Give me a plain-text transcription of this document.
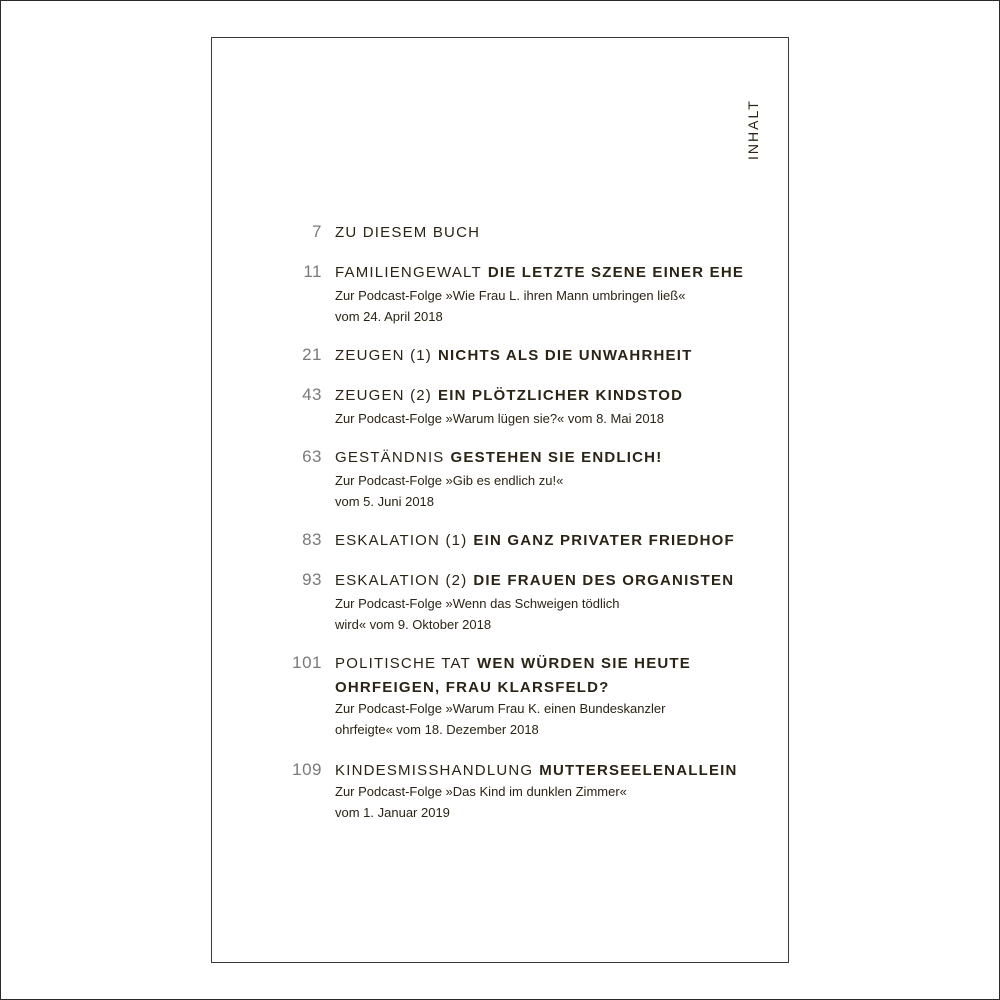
INHALT
7 ZU DIESEM BUCH
11 FAMILIENGEWALT DIE LETZTE SZENE EINER EHE
Zur Podcast-Folge »Wie Frau L. ihren Mann umbringen ließ«
vom 24. April 2018
21 ZEUGEN (1) NICHTS ALS DIE UNWAHRHEIT
43 ZEUGEN (2) EIN PLÖTZLICHER KINDSTOD
Zur Podcast-Folge »Warum lügen sie?« vom 8. Mai 2018
63 GESTÄNDNIS GESTEHEN SIE ENDLICH!
Zur Podcast-Folge »Gib es endlich zu!«
vom 5. Juni 2018
83 ESKALATION (1) EIN GANZ PRIVATER FRIEDHOF
93 ESKALATION (2) DIE FRAUEN DES ORGANISTEN
Zur Podcast-Folge »Wenn das Schweigen tödlich
wird« vom 9. Oktober 2018
101 POLITISCHE TAT WEN WÜRDEN SIE HEUTE
OHRFEIGEN, FRAU KLARSFELD?
Zur Podcast-Folge »Warum Frau K. einen Bundeskanzler
ohrfeigte« vom 18. Dezember 2018
109 KINDESMISSHANDLUNG MUTTERSEELENALLEIN
Zur Podcast-Folge »Das Kind im dunklen Zimmer«
vom 1. Januar 2019
